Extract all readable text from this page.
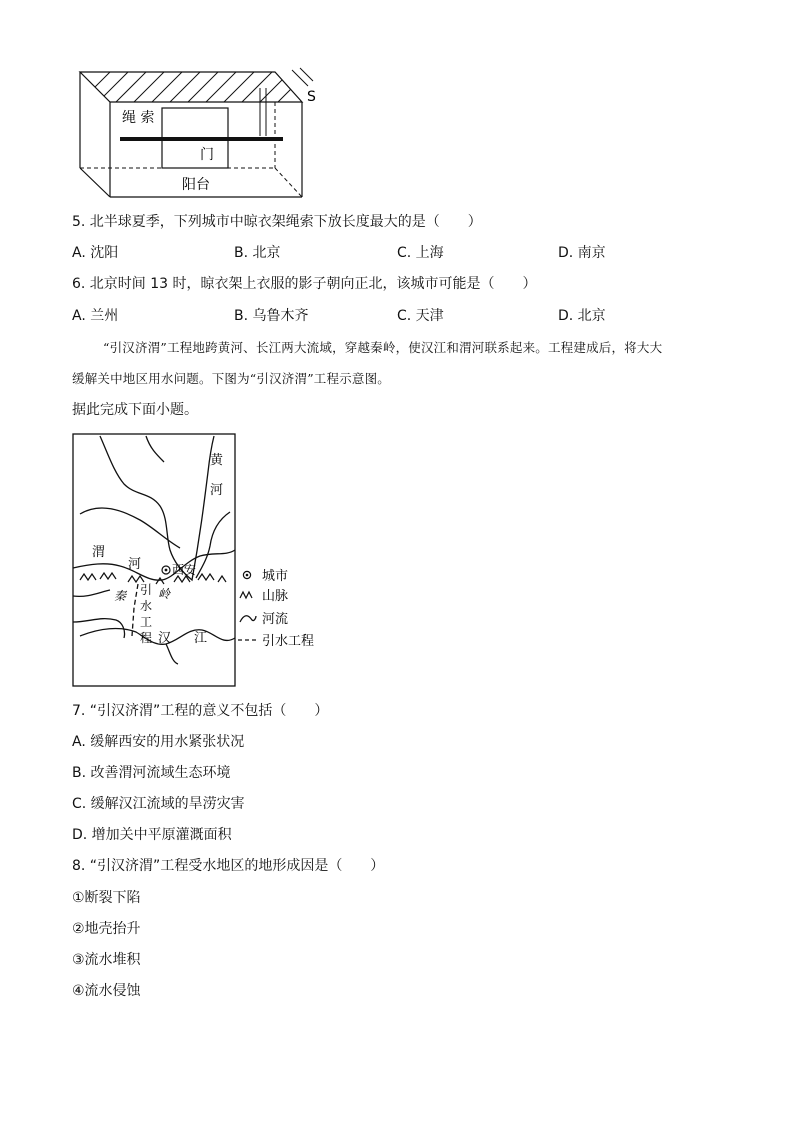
绳 索
门
阳台
S
5. 北半球夏季，下列城市中晾衣架绳索下放长度最大的是（　　）
A. 沈阳	B. 北京	C. 上海	D. 南京
6. 北京时间 13 时，晾衣架上衣服的影子朝向正北，该城市可能是（　　）
A. 兰州	B. 乌鲁木齐	C. 天津	D. 北京
“引汉济渭”工程地跨黄河、长江两大流域，穿越秦岭，使汉江和渭河联系起来。工程建成后，将大大
缓解关中地区用水问题。下图为“引汉济渭”工程示意图。
据此完成下面小题。
黄
河
渭
河	西安
秦	岭
引
水
工
程 汉 江
城市
山脉
河流
引水工程
7. “引汉济渭”工程的意义不包括（　　）
A. 缓解西安的用水紧张状况
B. 改善渭河流域生态环境
C. 缓解汉江流域的旱涝灾害
D. 增加关中平原灌溉面积
8. “引汉济渭”工程受水地区的地形成因是（　　）
①断裂下陷
②地壳抬升
③流水堆积
④流水侵蚀
